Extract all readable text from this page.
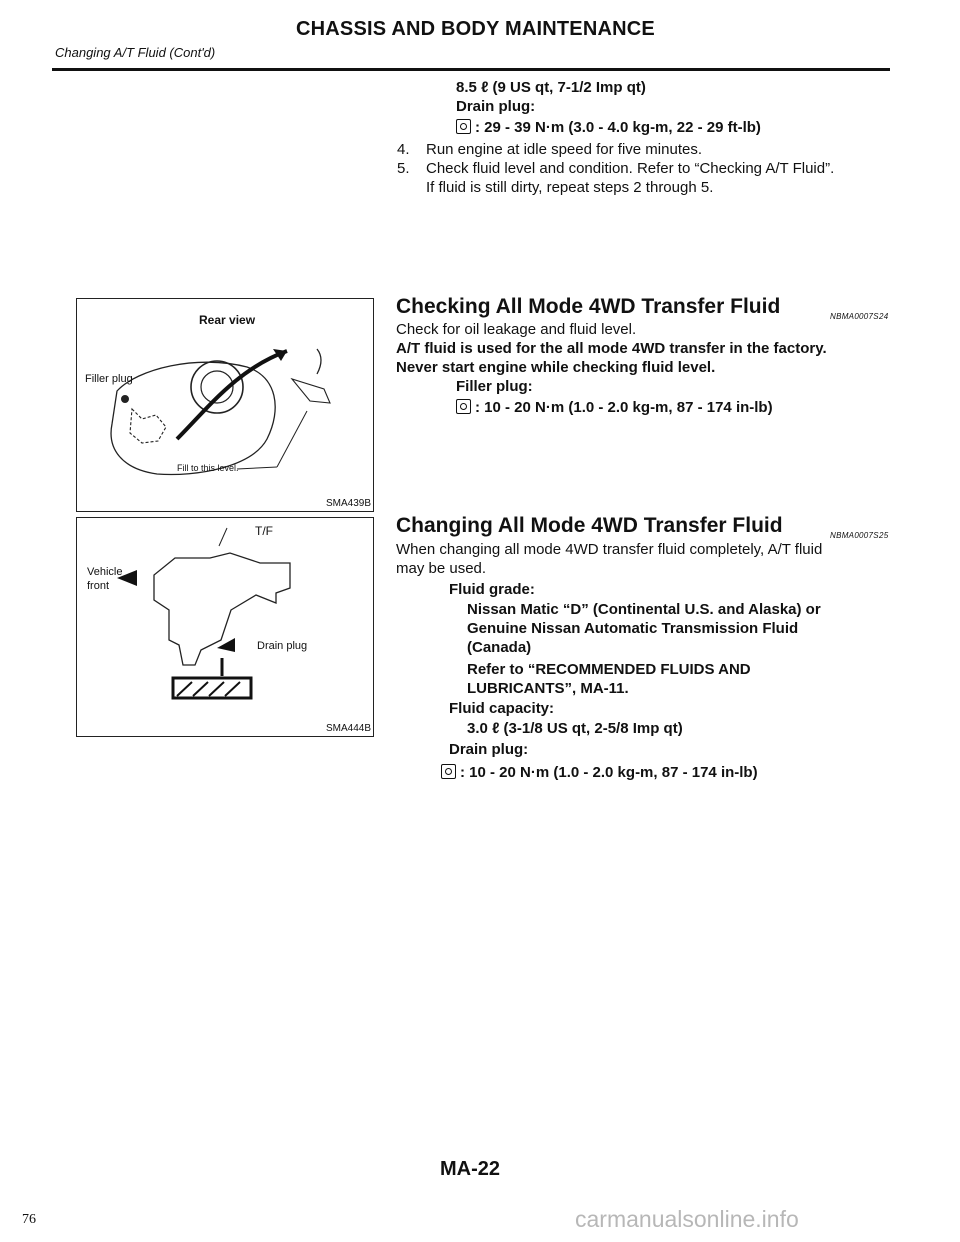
Changing A/T Fluid (Cont'd)
CHASSIS AND BODY MAINTENANCE
8.5 ℓ (9 US qt, 7-1/2 Imp qt)
Drain plug:
: 29 - 39 N·m (3.0 - 4.0 kg-m, 22 - 29 ft-lb)
4. Run engine at idle speed for five minutes.
5. Check fluid level and condition. Refer to “Checking A/T Fluid”.
If fluid is still dirty, repeat steps 2 through 5.
Rear view
Filler plug
Fill to this level.
SMA439B
T/F
Vehicle
front
Drain plug
SMA444B
Checking All Mode 4WD Transfer Fluid	NBMA0007S24
Check for oil leakage and fluid level.
A/T fluid is used for the all mode 4WD transfer in the factory.
Never start engine while checking fluid level.
Filler plug:
: 10 - 20 N·m (1.0 - 2.0 kg-m, 87 - 174 in-lb)
Changing All Mode 4WD Transfer Fluid	NBMA0007S25
When changing all mode 4WD transfer fluid completely, A/T fluid
may be used.
Fluid grade:
Nissan Matic “D” (Continental U.S. and Alaska) or
Genuine Nissan Automatic Transmission Fluid
(Canada)
Refer to “RECOMMENDED FLUIDS AND
LUBRICANTS”, MA-11.
Fluid capacity:
3.0 ℓ (3-1/8 US qt, 2-5/8 Imp qt)
Drain plug:
: 10 - 20 N·m (1.0 - 2.0 kg-m, 87 - 174 in-lb)
MA-22
76	carmanualsonline.info
